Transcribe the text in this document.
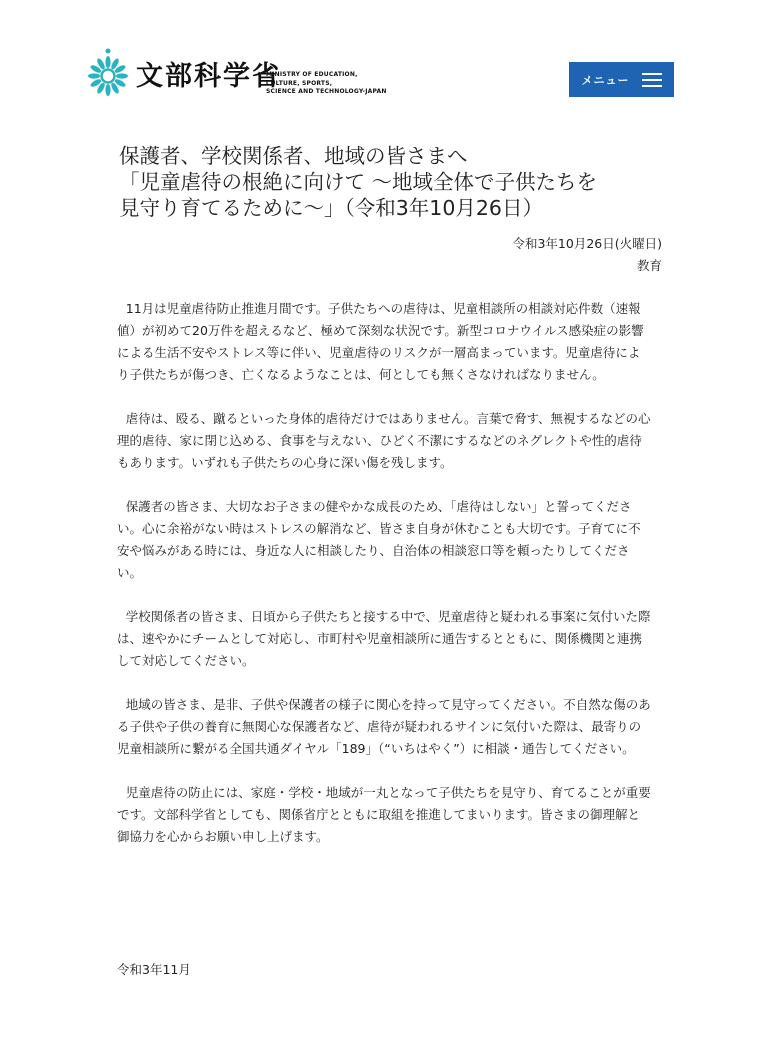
文部科学省
MINISTRY OF EDUCATION,
CULTURE, SPORTS,
SCIENCE AND TECHNOLOGY-JAPAN
メニュー
保護者、学校関係者、地域の皆さまへ
「児童虐待の根絶に向けて ～地域全体で子供たちを
見守り育てるために～」（令和3年10月26日）
令和3年10月26日(火曜日)
教育

11月は児童虐待防止推進月間です。子供たちへの虐待は、児童相談所の相談対応件数（速報値）が初めて20万件を超えるなど、極めて深刻な状況です。新型コロナウイルス感染症の影響による生活不安やストレス等に伴い、児童虐待のリスクが一層高まっています。児童虐待により子供たちが傷つき、亡くなるようなことは、何としても無くさなければなりません。

虐待は、殴る、蹴るといった身体的虐待だけではありません。言葉で脅す、無視するなどの心理的虐待、家に閉じ込める、食事を与えない、ひどく不潔にするなどのネグレクトや性的虐待もあります。いずれも子供たちの心身に深い傷を残します。

保護者の皆さま、大切なお子さまの健やかな成長のため、「虐待はしない」と誓ってください。心に余裕がない時はストレスの解消など、皆さま自身が休むことも大切です。子育てに不安や悩みがある時には、身近な人に相談したり、自治体の相談窓口等を頼ったりしてください。

学校関係者の皆さま、日頃から子供たちと接する中で、児童虐待と疑われる事案に気付いた際は、速やかにチームとして対応し、市町村や児童相談所に通告するとともに、関係機関と連携して対応してください。

地域の皆さま、是非、子供や保護者の様子に関心を持って見守ってください。不自然な傷のある子供や子供の養育に無関心な保護者など、虐待が疑われるサインに気付いた際は、最寄りの児童相談所に繋がる全国共通ダイヤル「189」（“いちはやく”）に相談・通告してください。

児童虐待の防止には、家庭・学校・地域が一丸となって子供たちを見守り、育てることが重要です。文部科学省としても、関係省庁とともに取組を推進してまいります。皆さまの御理解と御協力を心からお願い申し上げます。

令和3年11月
